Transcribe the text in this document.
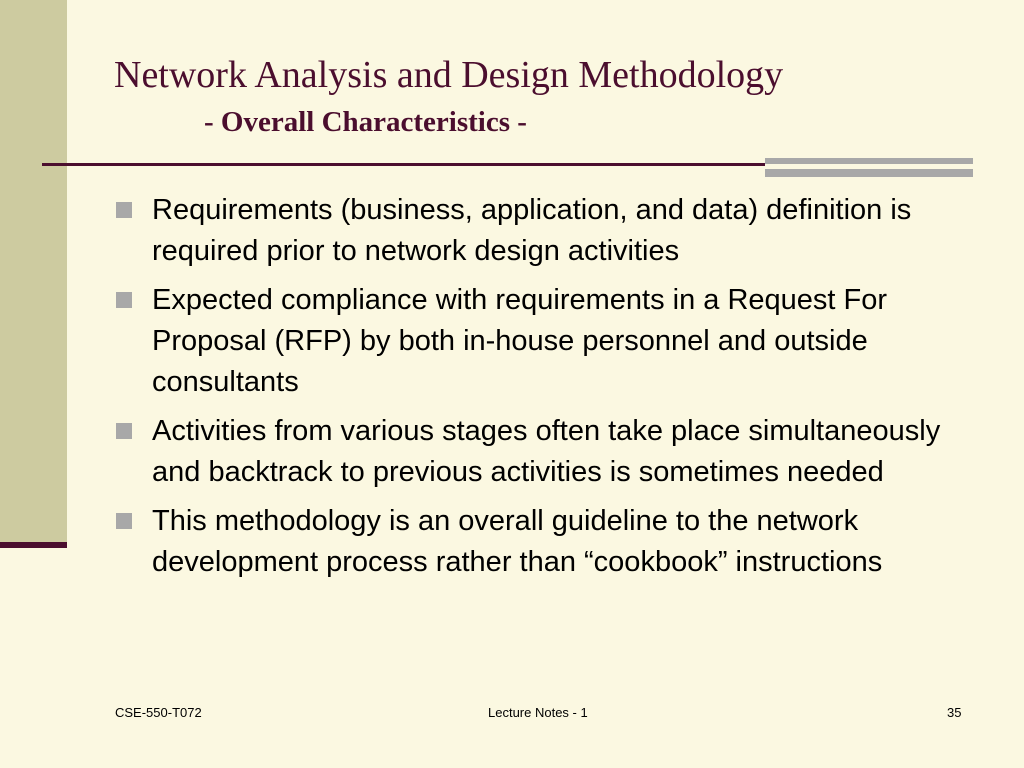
Network Analysis and Design Methodology
- Overall Characteristics -
Requirements (business, application, and data) definition is required prior to network design activities
Expected compliance with requirements in a Request For Proposal (RFP) by both in-house personnel and outside consultants
Activities from various stages often take place simultaneously and backtrack to previous activities is sometimes needed
This methodology is an overall guideline to the network development process rather than “cookbook” instructions
CSE-550-T072	Lecture Notes - 1	35
